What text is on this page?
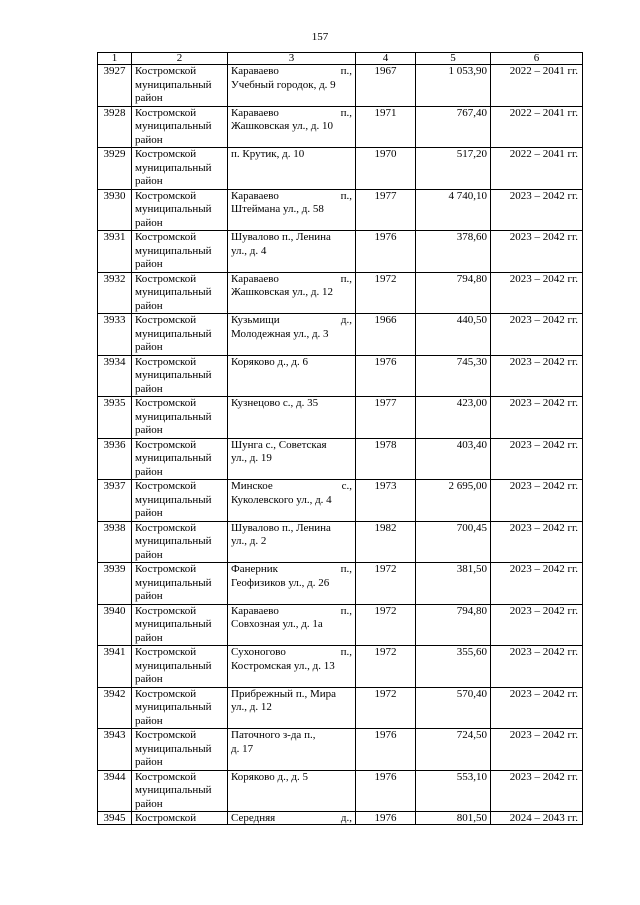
157
1	2	3	4	5	6
3927	Костромской муниципальный район	Караваево п.,
Учебный городок, д. 9	1967	1 053,90	2022 – 2041 гг.
3928	Костромской муниципальный район	Караваево п.,
Жашковская ул., д. 10	1971	767,40	2022 – 2041 гг.
3929	Костромской муниципальный район	п. Крутик, д. 10	1970	517,20	2022 – 2041 гг.
3930	Костромской муниципальный район	Караваево п.,
Штеймана ул., д. 58	1977	4 740,10	2023 – 2042 гг.
3931	Костромской муниципальный район	Шувалово п., Ленина
ул., д. 4	1976	378,60	2023 – 2042 гг.
3932	Костромской муниципальный район	Караваево п.,
Жашковская ул., д. 12	1972	794,80	2023 – 2042 гг.
3933	Костромской муниципальный район	Кузьмищи д.,
Молодежная ул., д. 3	1966	440,50	2023 – 2042 гг.
3934	Костромской муниципальный район	Коряково д., д. 6	1976	745,30	2023 – 2042 гг.
3935	Костромской муниципальный район	Кузнецово с., д. 35	1977	423,00	2023 – 2042 гг.
3936	Костромской муниципальный район	Шунга с., Советская
ул., д. 19	1978	403,40	2023 – 2042 гг.
3937	Костромской муниципальный район	Минское с.,
Куколевского ул., д. 4	1973	2 695,00	2023 – 2042 гг.
3938	Костромской муниципальный район	Шувалово п., Ленина
ул., д. 2	1982	700,45	2023 – 2042 гг.
3939	Костромской муниципальный район	Фанерник п.,
Геофизиков ул., д. 26	1972	381,50	2023 – 2042 гг.
3940	Костромской муниципальный район	Караваево п.,
Совхозная ул., д. 1а	1972	794,80	2023 – 2042 гг.
3941	Костромской муниципальный район	Сухоногово п.,
Костромская ул., д. 13	1972	355,60	2023 – 2042 гг.
3942	Костромской муниципальный район	Прибрежный п., Мира
ул., д. 12	1972	570,40	2023 – 2042 гг.
3943	Костромской муниципальный район	Паточного з-да п.,
д. 17	1976	724,50	2023 – 2042 гг.
3944	Костромской муниципальный район	Коряково д., д. 5	1976	553,10	2023 – 2042 гг.
3945	Костромской	Середняя д.,	1976	801,50	2024 – 2043 гг.
